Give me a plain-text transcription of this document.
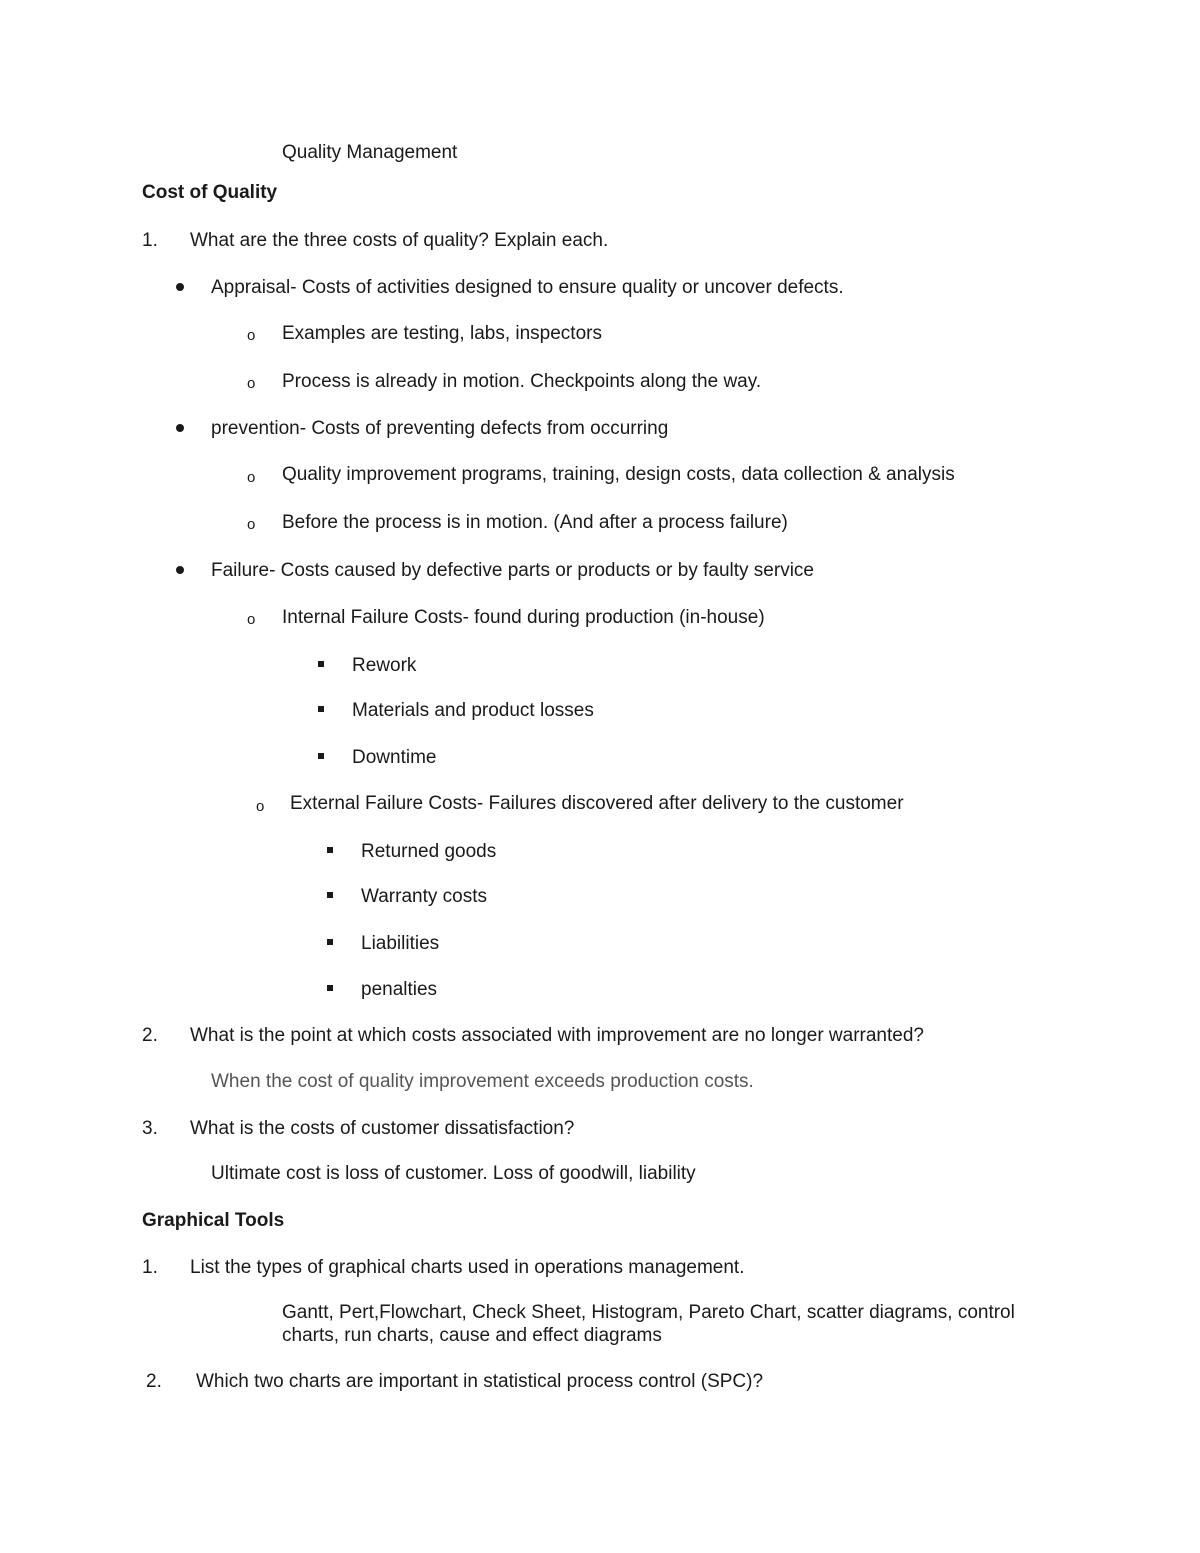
Quality Management
Cost of Quality
1. What are the three costs of quality? Explain each.
Appraisal- Costs of activities designed to ensure quality or uncover defects.
o Examples are testing, labs, inspectors
o Process is already in motion. Checkpoints along the way.
prevention- Costs of preventing defects from occurring
o Quality improvement programs, training, design costs, data collection & analysis
o Before the process is in motion. (And after a process failure)
Failure- Costs caused by defective parts or products or by faulty service
o Internal Failure Costs- found during production (in-house)
Rework
Materials and product losses
Downtime
o External Failure Costs- Failures discovered after delivery to the customer
Returned goods
Warranty costs
Liabilities
penalties
2. What is the point at which costs associated with improvement are no longer warranted?
When the cost of quality improvement exceeds production costs.
3. What is the costs of customer dissatisfaction?
Ultimate cost is loss of customer. Loss of goodwill, liability
Graphical Tools
1. List the types of graphical charts used in operations management.
Gantt, Pert,Flowchart, Check Sheet, Histogram, Pareto Chart, scatter diagrams, control charts, run charts, cause and effect diagrams
2. Which two charts are important in statistical process control (SPC)?
